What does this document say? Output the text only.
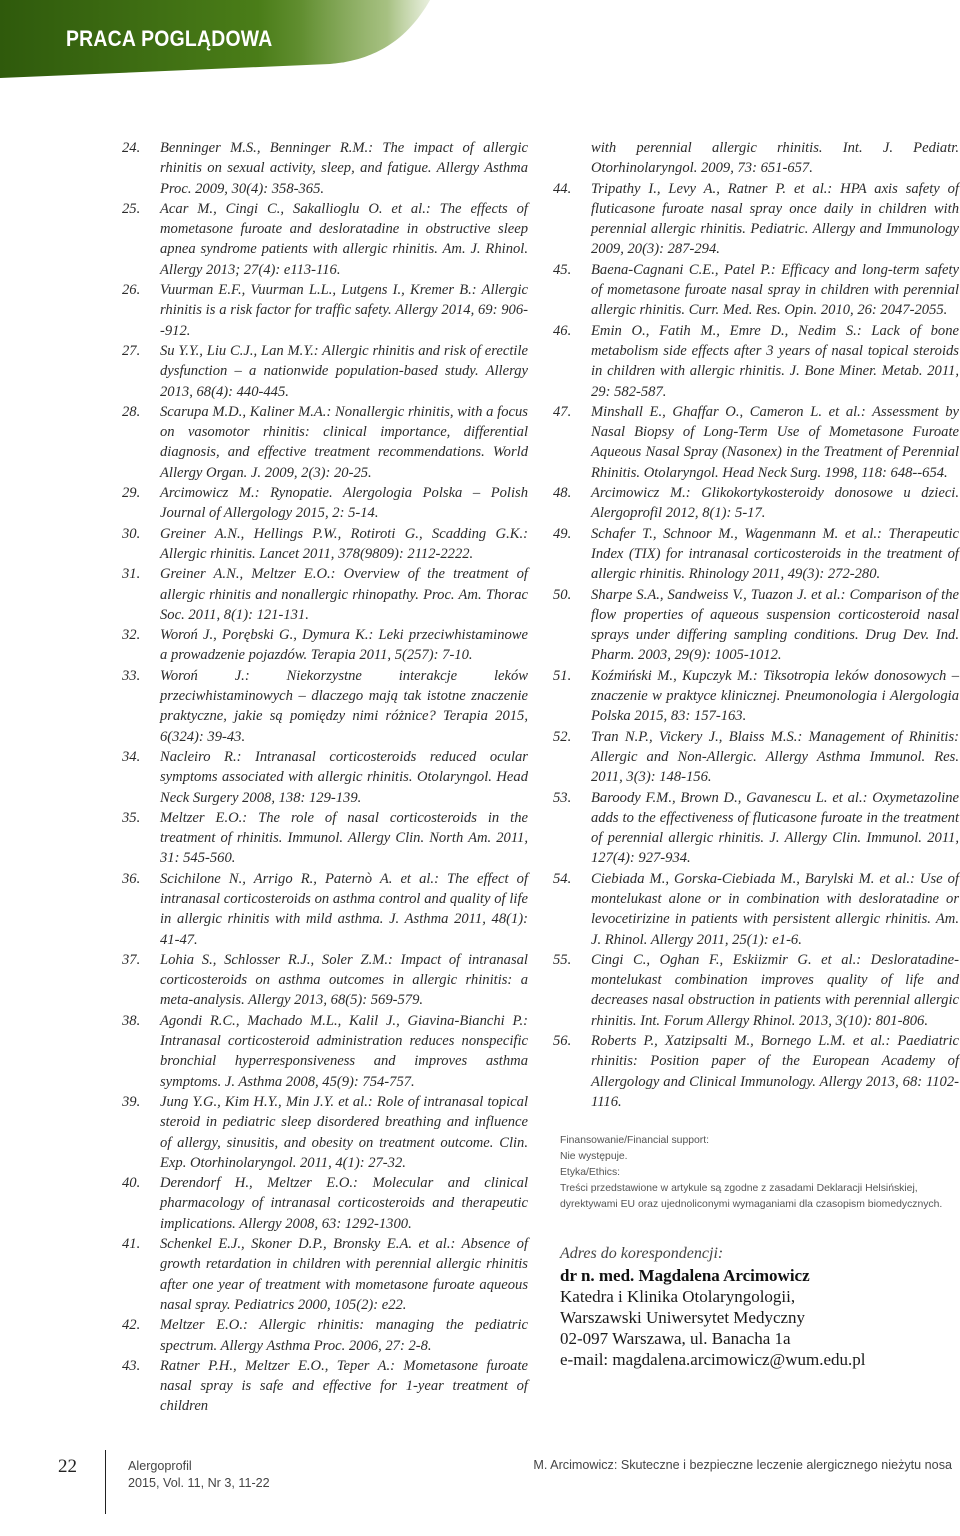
PRACA POGLĄDOWA
24.	Benninger M.S., Benninger R.M.: The impact of allergic rhinitis on sexual activity, sleep, and fatigue. Allergy Asthma Proc. 2009, 30(4): 358-365.
25.	Acar M., Cingi C., Sakallioglu O. et al.: The effects of mometasone furoate and desloratadine in obstructive sleep apnea syndrome patients with allergic rhinitis. Am. J. Rhinol. Allergy 2013; 27(4): e113-116.
26.	Vuurman E.F., Vuurman L.L., Lutgens I., Kremer B.: Allergic rhinitis is a risk factor for traffic safety. Allergy 2014, 69: 906--912.
27.	Su Y.Y., Liu C.J., Lan M.Y.: Allergic rhinitis and risk of erectile dysfunction – a nationwide population-based study. Allergy 2013, 68(4): 440-445.
28.	Scarupa M.D., Kaliner M.A.: Nonallergic rhinitis, with a focus on vasomotor rhinitis: clinical importance, differential diagnosis, and effective treatment recommendations. World Allergy Organ. J. 2009, 2(3): 20-25.
29.	Arcimowicz M.: Rynopatie. Alergologia Polska – Polish Journal of Allergology 2015, 2: 5-14.
30.	Greiner A.N., Hellings P.W., Rotiroti G., Scadding G.K.: Allergic rhinitis. Lancet 2011, 378(9809): 2112-2222.
31.	Greiner A.N., Meltzer E.O.: Overview of the treatment of allergic rhinitis and nonallergic rhinopathy. Proc. Am. Thorac Soc. 2011, 8(1): 121-131.
32.	Woroń J., Porębski G., Dymura K.: Leki przeciwhistaminowe a prowadzenie pojazdów. Terapia 2011, 5(257): 7-10.
33.	Woroń J.: Niekorzystne interakcje leków przeciwhistaminowych – dlaczego mają tak istotne znaczenie praktyczne, jakie są pomiędzy nimi różnice? Terapia 2015, 6(324): 39-43.
34.	Nacleiro R.: Intranasal corticosteroids reduced ocular symptoms associated with allergic rhinitis. Otolaryngol. Head Neck Surgery 2008, 138: 129-139.
35.	Meltzer E.O.: The role of nasal corticosteroids in the treatment of rhinitis. Immunol. Allergy Clin. North Am. 2011, 31: 545-560.
36.	Scichilone N., Arrigo R., Paternò A. et al.: The effect of intranasal corticosteroids on asthma control and quality of life in allergic rhinitis with mild asthma. J. Asthma 2011, 48(1): 41-47.
37.	Lohia S., Schlosser R.J., Soler Z.M.: Impact of intranasal corticosteroids on asthma outcomes in allergic rhinitis: a meta-analysis. Allergy 2013, 68(5): 569-579.
38.	Agondi R.C., Machado M.L., Kalil J., Giavina-Bianchi P.: Intranasal corticosteroid administration reduces nonspecific bronchial hyperresponsiveness and improves asthma symptoms. J. Asthma 2008, 45(9): 754-757.
39.	Jung Y.G., Kim H.Y., Min J.Y. et al.: Role of intranasal topical steroid in pediatric sleep disordered breathing and influence of allergy, sinusitis, and obesity on treatment outcome. Clin. Exp. Otorhinolaryngol. 2011, 4(1): 27-32.
40.	Derendorf H., Meltzer E.O.: Molecular and clinical pharmacology of intranasal corticosteroids and therapeutic implications. Allergy 2008, 63: 1292-1300.
41.	Schenkel E.J., Skoner D.P., Bronsky E.A. et al.: Absence of growth retardation in children with perennial allergic rhinitis after one year of treatment with mometasone furoate aqueous nasal spray. Pediatrics 2000, 105(2): e22.
42.	Meltzer E.O.: Allergic rhinitis: managing the pediatric spectrum. Allergy Asthma Proc. 2006, 27: 2-8.
43.	Ratner P.H., Meltzer E.O., Teper A.: Mometasone furoate nasal spray is safe and effective for 1-year treatment of children
with perennial allergic rhinitis. Int. J. Pediatr. Otorhinolaryngol. 2009, 73: 651-657.
44.	Tripathy I., Levy A., Ratner P. et al.: HPA axis safety of fluticasone furoate nasal spray once daily in children with perennial allergic rhinitis. Pediatric. Allergy and Immunology 2009, 20(3): 287-294.
45.	Baena-Cagnani C.E., Patel P.: Efficacy and long-term safety of mometasone furoate nasal spray in children with perennial allergic rhinitis. Curr. Med. Res. Opin. 2010, 26: 2047-2055.
46.	Emin O., Fatih M., Emre D., Nedim S.: Lack of bone metabolism side effects after 3 years of nasal topical steroids in children with allergic rhinitis. J. Bone Miner. Metab. 2011, 29: 582-587.
47.	Minshall E., Ghaffar O., Cameron L. et al.: Assessment by Nasal Biopsy of Long-Term Use of Mometasone Furoate Aqueous Nasal Spray (Nasonex) in the Treatment of Perennial Rhinitis. Otolaryngol. Head Neck Surg. 1998, 118: 648--654.
48.	Arcimowicz M.: Glikokortykosteroidy donosowe u dzieci. Alergoprofil 2012, 8(1): 5-17.
49.	Schafer T., Schnoor M., Wagenmann M. et al.: Therapeutic Index (TIX) for intranasal corticosteroids in the treatment of allergic rhinitis. Rhinology 2011, 49(3): 272-280.
50.	Sharpe S.A., Sandweiss V., Tuazon J. et al.: Comparison of the flow properties of aqueous suspension corticosteroid nasal sprays under differing sampling conditions. Drug Dev. Ind. Pharm. 2003, 29(9): 1005-1012.
51.	Koźmiński M., Kupczyk M.: Tiksotropia leków donosowych – znaczenie w praktyce klinicznej. Pneumonologia i Alergologia Polska 2015, 83: 157-163.
52.	Tran N.P., Vickery J., Blaiss M.S.: Management of Rhinitis: Allergic and Non-Allergic. Allergy Asthma Immunol. Res. 2011, 3(3): 148-156.
53.	Baroody F.M., Brown D., Gavanescu L. et al.: Oxymetazoline adds to the effectiveness of fluticasone furoate in the treatment of perennial allergic rhinitis. J. Allergy Clin. Immunol. 2011, 127(4): 927-934.
54.	Ciebiada M., Gorska-Ciebiada M., Barylski M. et al.: Use of montelukast alone or in combination with desloratadine or levocetirizine in patients with persistent allergic rhinitis. Am. J. Rhinol. Allergy 2011, 25(1): e1-6.
55.	Cingi C., Oghan F., Eskiizmir G. et al.: Desloratadine-montelukast combination improves quality of life and decreases nasal obstruction in patients with perennial allergic rhinitis. Int. Forum Allergy Rhinol. 2013, 3(10): 801-806.
56.	Roberts P., Xatzipsalti M., Bornego L.M. et al.: Paediatric rhinitis: Position paper of the European Academy of Allergology and Clinical Immunology. Allergy 2013, 68: 1102-1116.
Finansowanie/Financial support:
Nie występuje.
Etyka/Ethics:
Treści przedstawione w artykule są zgodne z zasadami Deklaracji Helsińskiej,
dyrektywami EU oraz ujednoliconymi wymaganiami dla czasopism biomedycznych.
Adres do korespondencji:
dr n. med. Magdalena Arcimowicz
Katedra i Klinika Otolaryngologii,
Warszawski Uniwersytet Medyczny
02-097 Warszawa, ul. Banacha 1a
e-mail: magdalena.arcimowicz@wum.edu.pl
22	Alergoprofil
2015, Vol. 11, Nr 3, 11-22
M. Arcimowicz: Skuteczne i bezpieczne leczenie alergicznego nieżytu nosa
